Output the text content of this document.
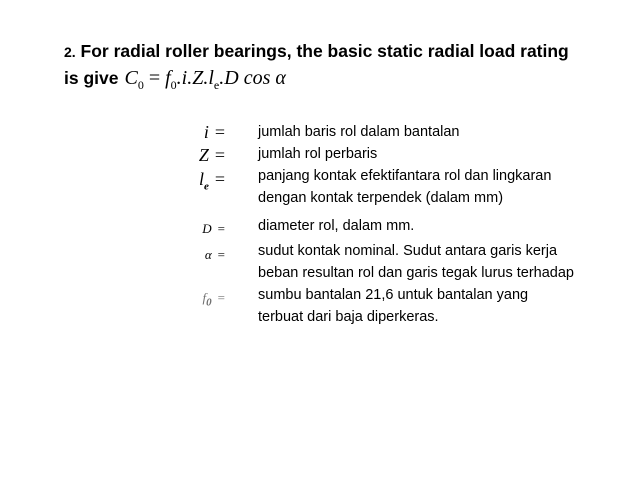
2. For radial roller bearings, the basic static radial load rating
is give $C_0 = f_0.i.Z.l_e.D$ cos α
i = jumlah baris rol dalam bantalan
Z = jumlah rol perbaris
$l_e$ = panjang kontak efektifantara rol dan lingkaran
dengan kontak terpendek (dalam mm)
D = diameter rol, dalam mm.
α = sudut kontak nominal. Sudut antara garis kerja
beban resultan rol dan garis tegak lurus terhadap
$f_0$ = sumbu bantalan 21,6 untuk bantalan yang
terbuat dari baja diperkeras.
